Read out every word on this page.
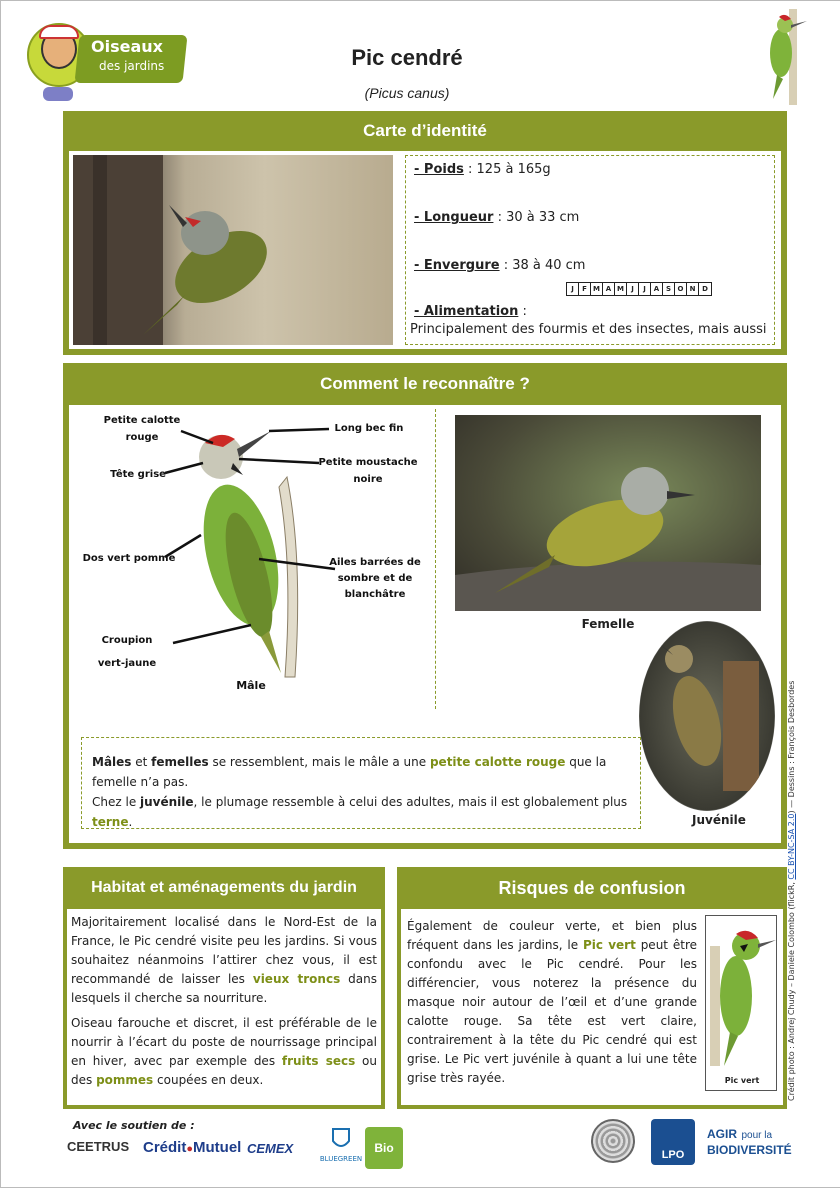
Oiseaux
des jardins	Pic cendré
(Picus canus)
Carte d’identité
- Poids : 125 à 165g
- Longueur : 30 à 33 cm
- Envergure : 38 à 40 cm
J	F M A M	J	J	A S O N D
- Alimentation :
Principalement des fourmis et des insectes, mais aussi
Comment le reconnaître ?
Petite calotte
rouge
Tête grise
Dos vert pomme
Croupion
vert-jaune
Long bec fin
Petite moustache
noire
Ailes barrées de
sombre et de
blanchâtre
Mâle
Femelle
Juvénile
Mâles et femelles se ressemblent, mais le mâle a une petite calotte rouge que la femelle n’a pas.
Chez le juvénile, le plumage ressemble à celui des adultes, mais il est globalement plus terne.
Habitat et aménagements du jardin

Majoritairement localisé dans le Nord-Est de la France, le Pic cendré visite peu les jardins. Si vous souhaitez néanmoins l’attirer chez vous, il est recommandé de laisser les vieux troncs dans lesquels il cherche sa nourriture.

Oiseau farouche et discret, il est préférable de le nourrir à l’écart du poste de nourrissage principal en hiver, avec par exemple des fruits secs ou des pommes coupées en deux.

Risques de confusion
Également de couleur verte, et bien plus fréquent dans les jardins, le Pic vert peut être confondu avec le Pic cendré. Pour les différencier, vous noterez la présence du masque noir autour de l’œil et d’une grande calotte rouge. Sa tête est vert claire, contrairement à la tête du Pic cendré qui est grise. Le Pic vert juvénile à quant a lui une tête grise très rayée.	Pic vert	Crédit photo : Andrej Chudy – Daniele Colombo (flickR, CC BY-NC-SA 2.0) — Dessins : François Desbordes
Avec le soutien de :
CEETRUS Crédit●Mutuel CEMEX
BLUEGREEN
Bio	LPO
AGIR pour la
BIODIVERSITÉ
